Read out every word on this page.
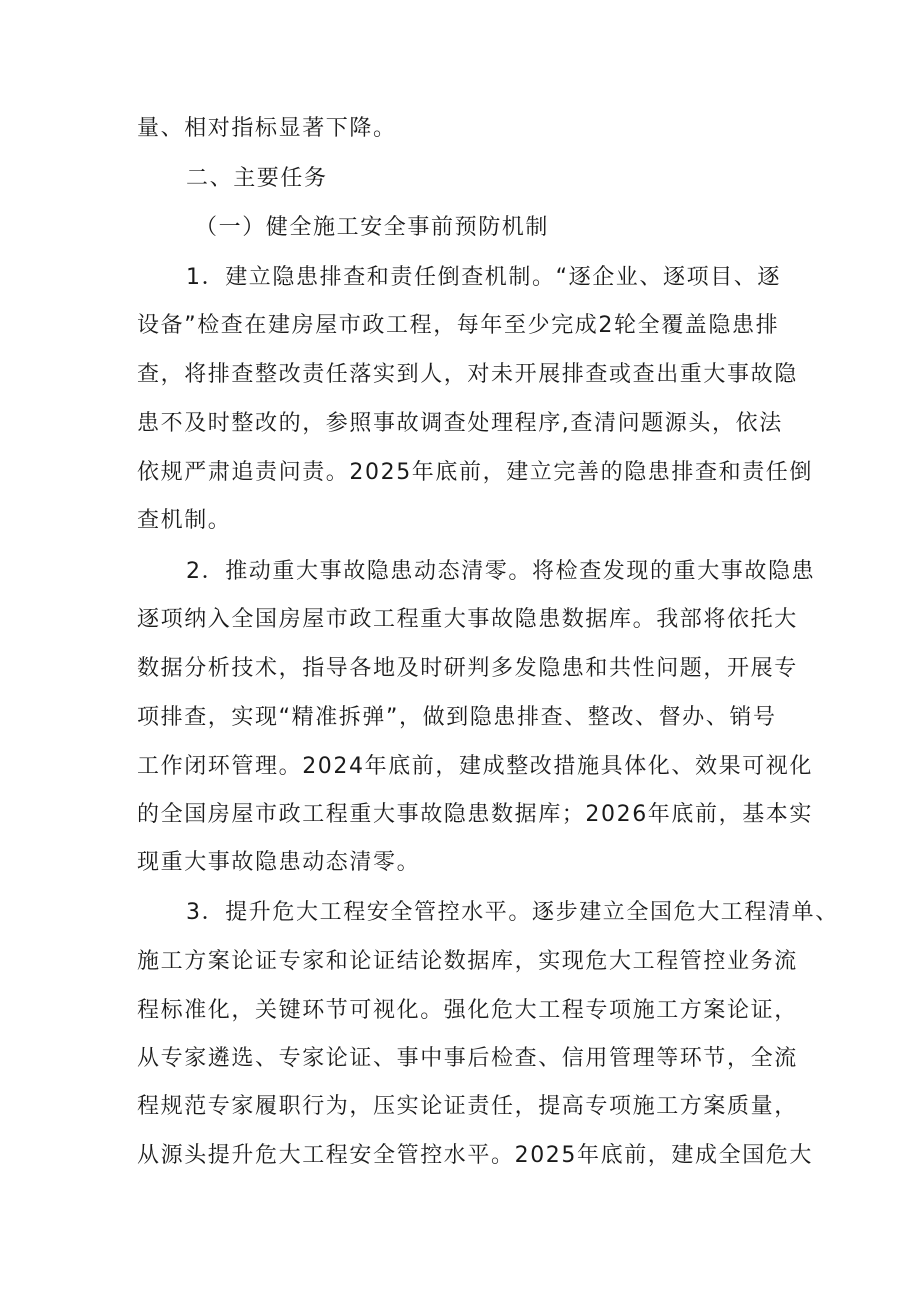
量、相对指标显著下降。
二、主要任务
（一）健全施工安全事前预防机制
1．建立隐患排查和责任倒查机制。“逐企业、逐项目、逐
设备”检查在建房屋市政工程，每年至少完成2轮全覆盖隐患排
查，将排查整改责任落实到人，对未开展排查或查出重大事故隐
患不及时整改的，参照事故调查处理程序,查清问题源头，依法
依规严肃追责问责。2025年底前，建立完善的隐患排查和责任倒
查机制。
2．推动重大事故隐患动态清零。将检查发现的重大事故隐患
逐项纳入全国房屋市政工程重大事故隐患数据库。我部将依托大
数据分析技术，指导各地及时研判多发隐患和共性问题，开展专
项排查，实现“精准拆弹”，做到隐患排查、整改、督办、销号
工作闭环管理。2024年底前，建成整改措施具体化、效果可视化
的全国房屋市政工程重大事故隐患数据库；2026年底前，基本实
现重大事故隐患动态清零。
3．提升危大工程安全管控水平。逐步建立全国危大工程清单、
施工方案论证专家和论证结论数据库，实现危大工程管控业务流
程标准化，关键环节可视化。强化危大工程专项施工方案论证，
从专家遴选、专家论证、事中事后检查、信用管理等环节，全流
程规范专家履职行为，压实论证责任，提高专项施工方案质量，
从源头提升危大工程安全管控水平。2025年底前，建成全国危大
